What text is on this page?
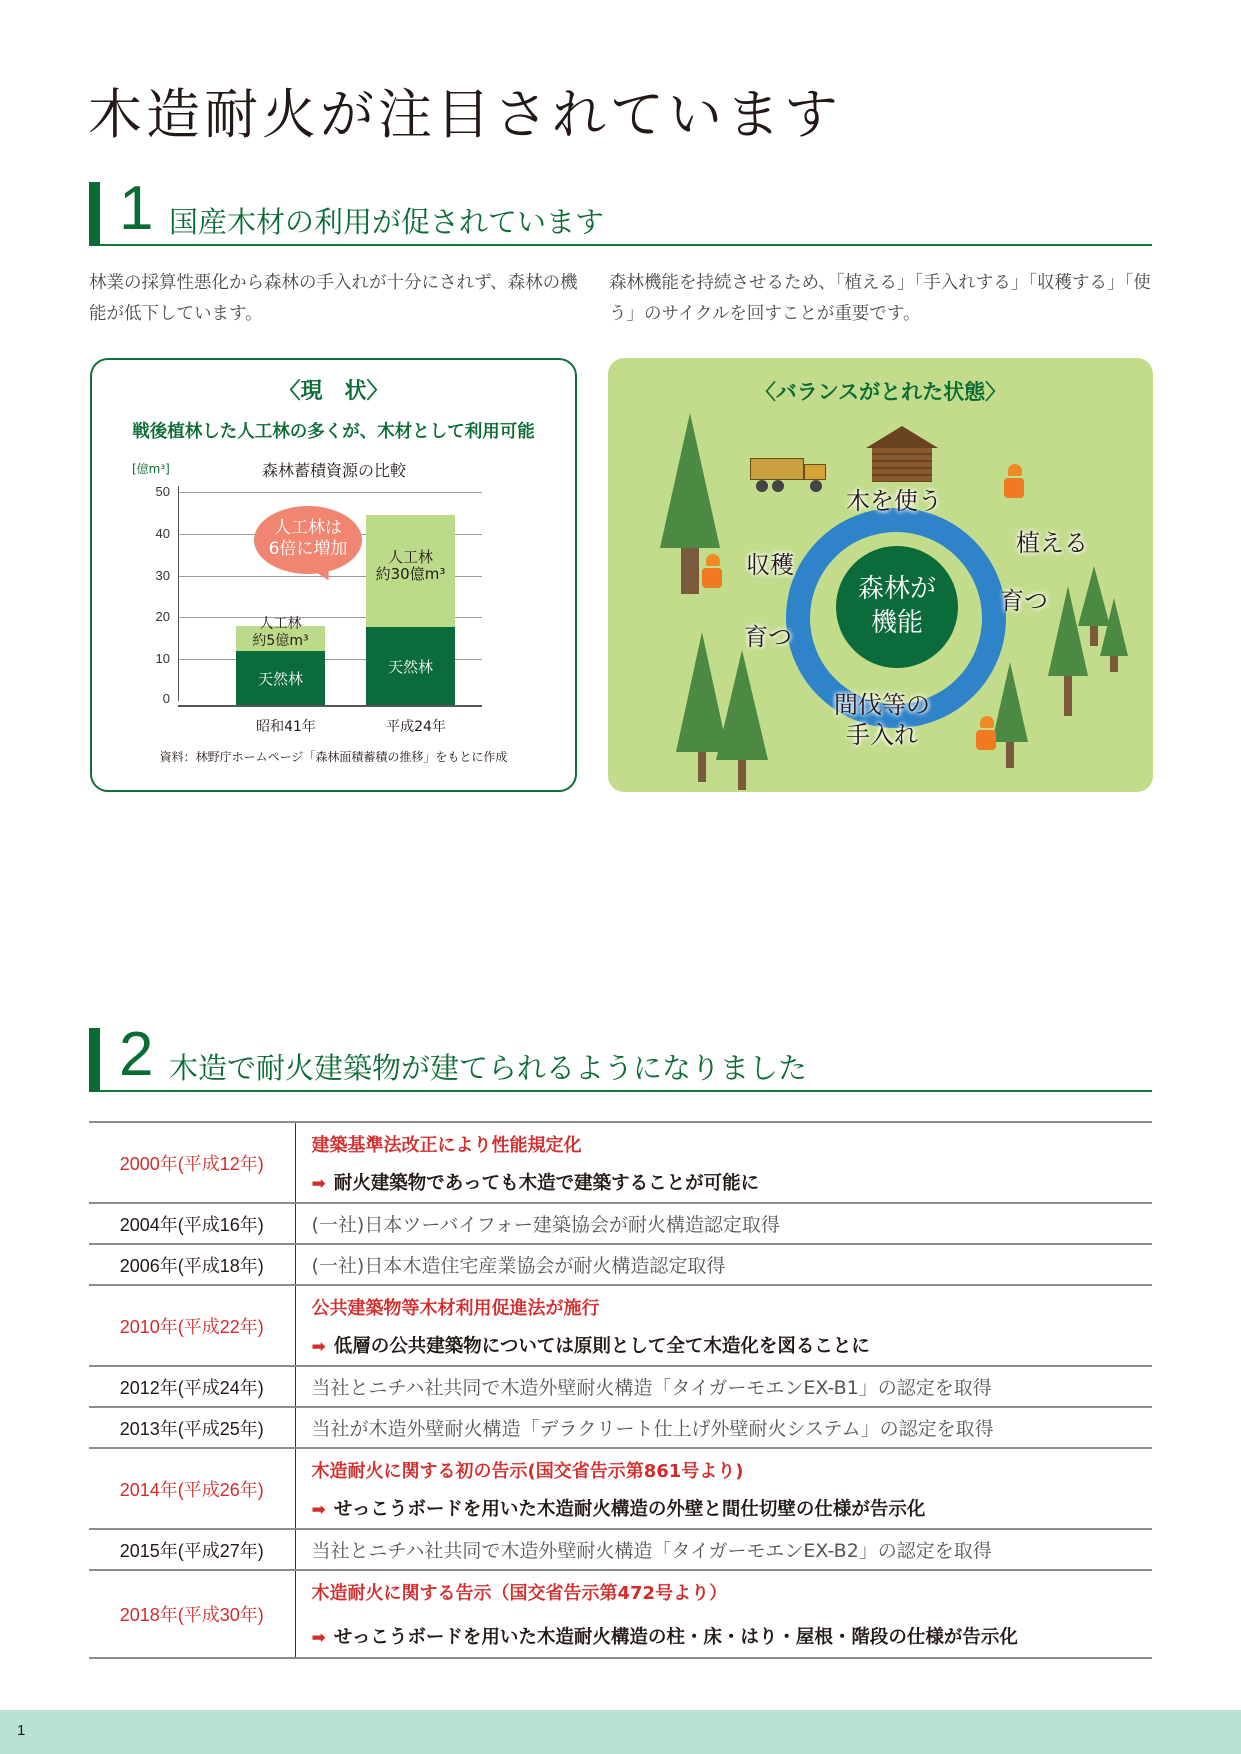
木造耐火が注目されています
1 国産木材の利用が促されています

林業の採算性悪化から森林の手入れが十分にされず、森林の機能が低下しています。

森林機能を持続させるため、「植える」「手入れする」「収穫する」「使う」のサイクルを回すことが重要です。

〈現　状〉
戦後植林した人工林の多くが、木材として利用可能
[億m³]	森林蓄積資源の比較
50
40
30
20
10
0
天然林
人工林
約5億m³
天然林
人工林
約30億m³
人工林は
6倍に増加
昭和41年	平成24年
資料：林野庁ホームページ「森林面積蓄積の推移」をもとに作成
〈バランスがとれた状態〉
森林が
機能
木を使う
植える
育つ
間伐等の
手入れ
育つ
収穫
2 木造で耐火建築物が建てられるようになりました
2000年(平成12年)	建築基準法改正により性能規定化
➡ 耐火建築物であっても木造で建築することが可能に

2004年(平成16年)	(一社)日本ツーバイフォー建築協会が耐火構造認定取得
2006年(平成18年)	(一社)日本木造住宅産業協会が耐火構造認定取得
2010年(平成22年)	公共建築物等木材利用促進法が施行
➡ 低層の公共建築物については原則として全て木造化を図ることに

2012年(平成24年)	当社とニチハ社共同で木造外壁耐火構造「タイガーモエンEX-B1」の認定を取得
2013年(平成25年)	当社が木造外壁耐火構造「デラクリート仕上げ外壁耐火システム」の認定を取得
2014年(平成26年)	木造耐火に関する初の告示(国交省告示第861号より)
➡ せっこうボードを用いた木造耐火構造の外壁と間仕切壁の仕様が告示化

2015年(平成27年)	当社とニチハ社共同で木造外壁耐火構造「タイガーモエンEX-B2」の認定を取得
2018年(平成30年)	木造耐火に関する告示（国交省告示第472号より）
➡ せっこうボードを用いた木造耐火構造の柱・床・はり・屋根・階段の仕様が告示化
1
